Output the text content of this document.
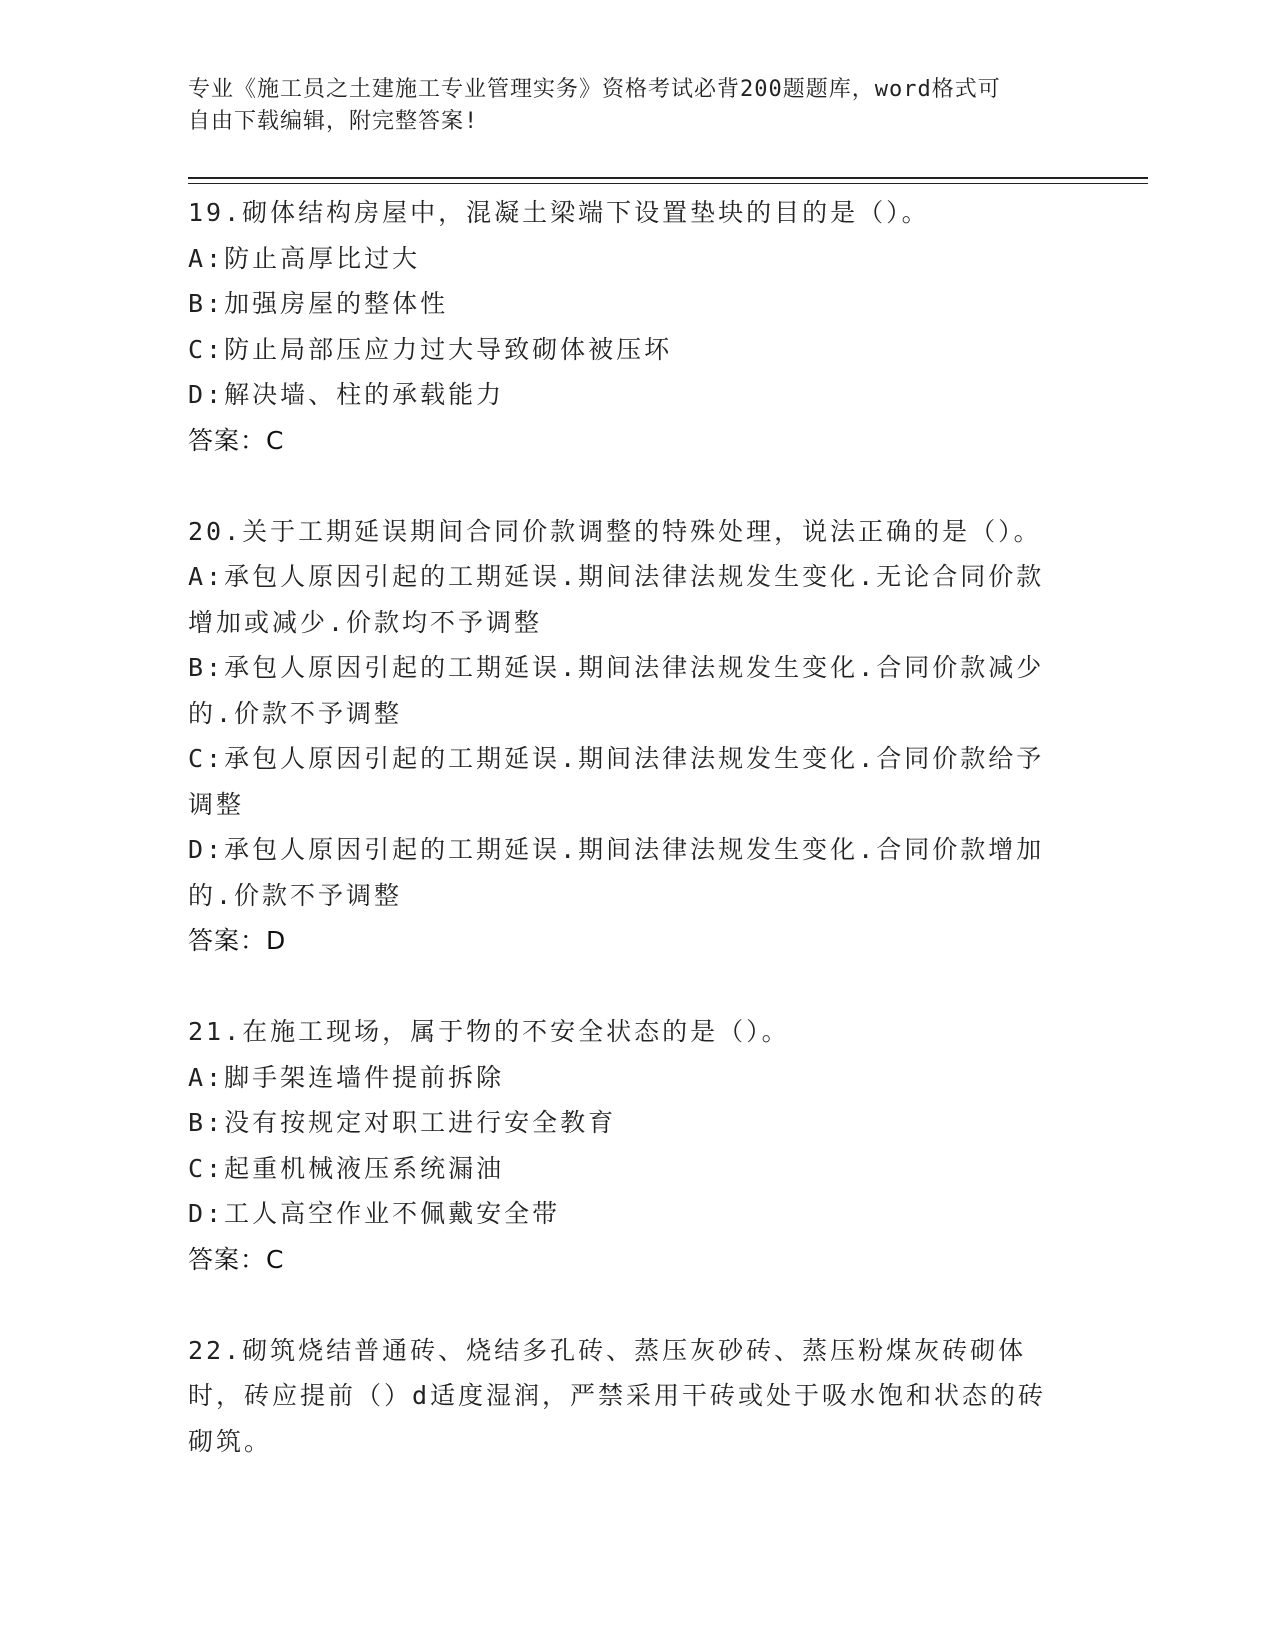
专业《施工员之土建施工专业管理实务》资格考试必背200题题库，word格式可
自由下载编辑，附完整答案!

19.砌体结构房屋中，混凝土梁端下设置垫块的目的是（）。

A:防止高厚比过大

B:加强房屋的整体性

C:防止局部压应力过大导致砌体被压坏

D:解决墙、柱的承载能力

答案：C

20.关于工期延误期间合同价款调整的特殊处理，说法正确的是（）。

A:承包人原因引起的工期延误.期间法律法规发生变化.无论合同价款增加或减少.价款均不予调整

B:承包人原因引起的工期延误.期间法律法规发生变化.合同价款减少的.价款不予调整

C:承包人原因引起的工期延误.期间法律法规发生变化.合同价款给予调整

D:承包人原因引起的工期延误.期间法律法规发生变化.合同价款增加的.价款不予调整

答案：D

21.在施工现场，属于物的不安全状态的是（）。

A:脚手架连墙件提前拆除

B:没有按规定对职工进行安全教育

C:起重机械液压系统漏油

D:工人高空作业不佩戴安全带

答案：C

22.砌筑烧结普通砖、烧结多孔砖、蒸压灰砂砖、蒸压粉煤灰砖砌体时，砖应提前（）d适度湿润，严禁采用干砖或处于吸水饱和状态的砖砌筑。
